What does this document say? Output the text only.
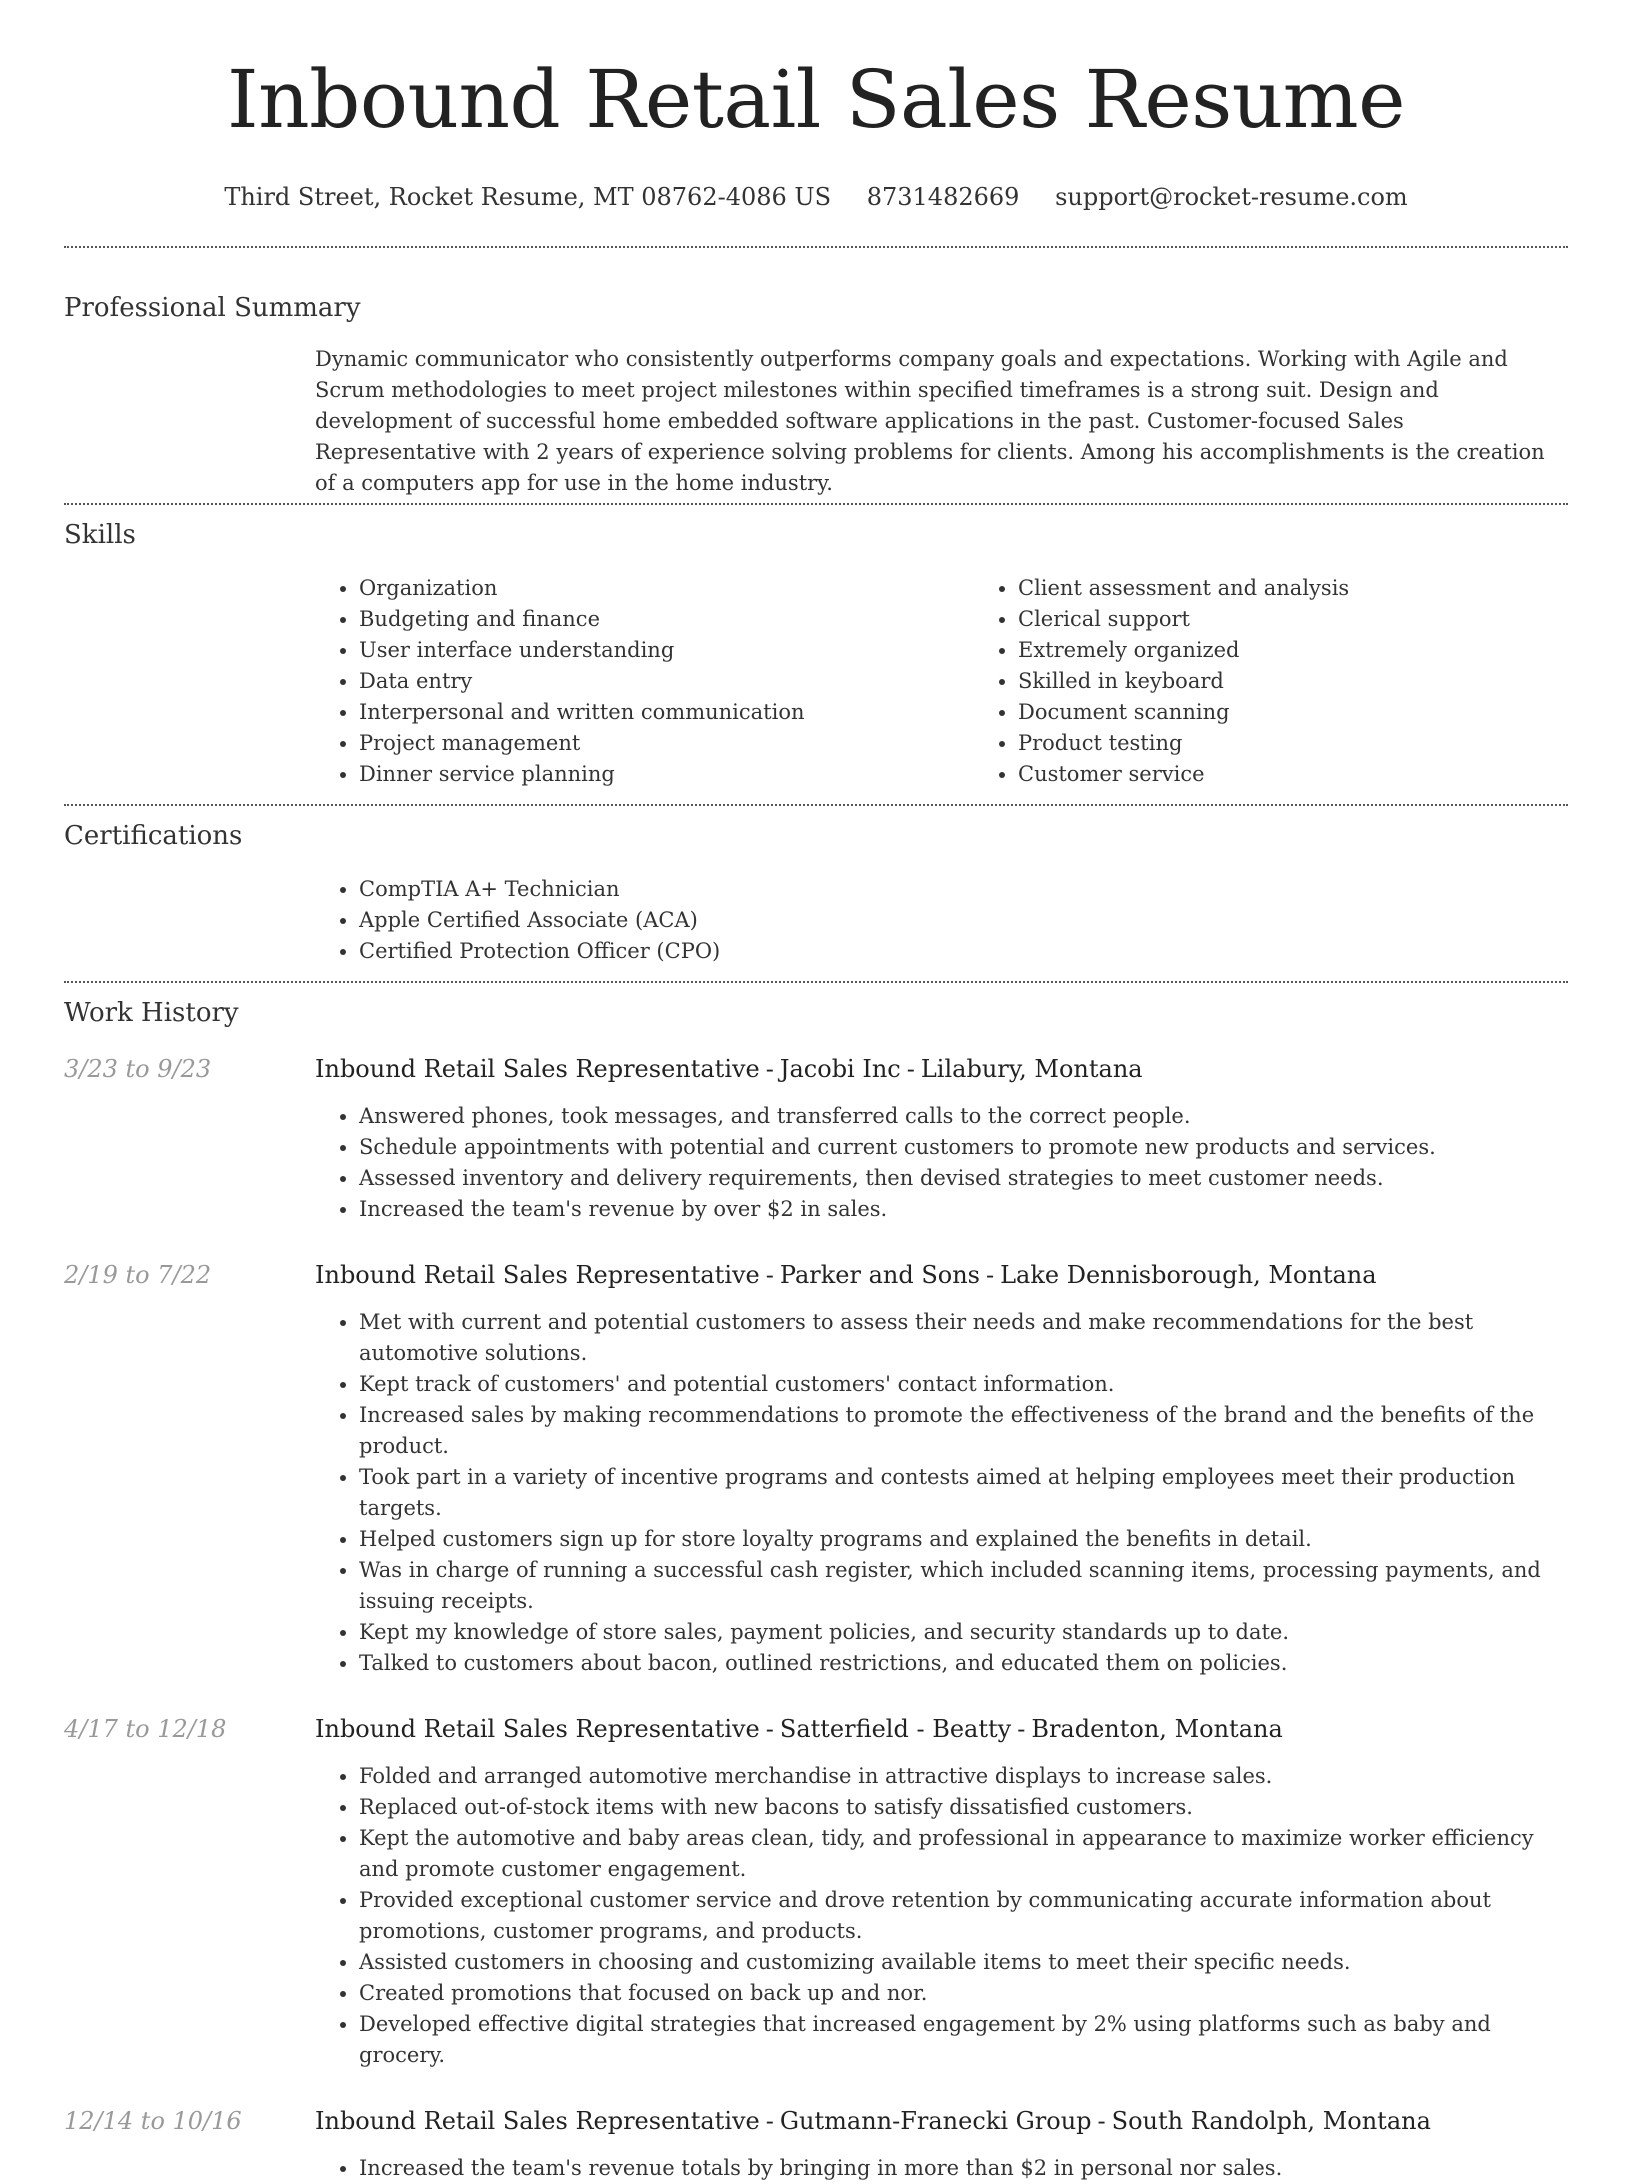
Inbound Retail Sales Resume
Third Street, Rocket Resume, MT 08762-4086 US 8731482669 support@rocket-resume.com
Professional Summary

Dynamic communicator who consistently outperforms company goals and expectations. Working with Agile and Scrum methodologies to meet project milestones within specified timeframes is a strong suit. Design and development of successful home embedded software applications in the past. Customer-focused Sales Representative with 2 years of experience solving problems for clients. Among his accomplishments is the creation of a computers app for use in the home industry.

Skills
• Organization
• Budgeting and finance
• User interface understanding
• Data entry
• Interpersonal and written communication
• Project management
• Dinner service planning
• Client assessment and analysis
• Clerical support
• Extremely organized
• Skilled in keyboard
• Document scanning
• Product testing
• Customer service
Certifications
• CompTIA A+ Technician
• Apple Certified Associate (ACA)
• Certified Protection Officer (CPO)
Work History
3/23 to 9/23	Inbound Retail Sales Representative - Jacobi Inc - Lilabury, Montana
• Answered phones, took messages, and transferred calls to the correct people.
• Schedule appointments with potential and current customers to promote new products and services.
• Assessed inventory and delivery requirements, then devised strategies to meet customer needs.
• Increased the team's revenue by over $2 in sales.
2/19 to 7/22	Inbound Retail Sales Representative - Parker and Sons - Lake Dennisborough, Montana
• Met with current and potential customers to assess their needs and make recommendations for the best automotive solutions.
• Kept track of customers' and potential customers' contact information.
• Increased sales by making recommendations to promote the effectiveness of the brand and the benefits of the product.
• Took part in a variety of incentive programs and contests aimed at helping employees meet their production targets.
• Helped customers sign up for store loyalty programs and explained the benefits in detail.
• Was in charge of running a successful cash register, which included scanning items, processing payments, and issuing receipts.
• Kept my knowledge of store sales, payment policies, and security standards up to date.
• Talked to customers about bacon, outlined restrictions, and educated them on policies.
4/17 to 12/18	Inbound Retail Sales Representative - Satterfield - Beatty - Bradenton, Montana
• Folded and arranged automotive merchandise in attractive displays to increase sales.
• Replaced out-of-stock items with new bacons to satisfy dissatisfied customers.
• Kept the automotive and baby areas clean, tidy, and professional in appearance to maximize worker efficiency and promote customer engagement.
• Provided exceptional customer service and drove retention by communicating accurate information about promotions, customer programs, and products.
• Assisted customers in choosing and customizing available items to meet their specific needs.
• Created promotions that focused on back up and nor.
• Developed effective digital strategies that increased engagement by 2% using platforms such as baby and grocery.
12/14 to 10/16	Inbound Retail Sales Representative - Gutmann-Franecki Group - South Randolph, Montana
• Increased the team's revenue totals by bringing in more than $2 in personal nor sales.
